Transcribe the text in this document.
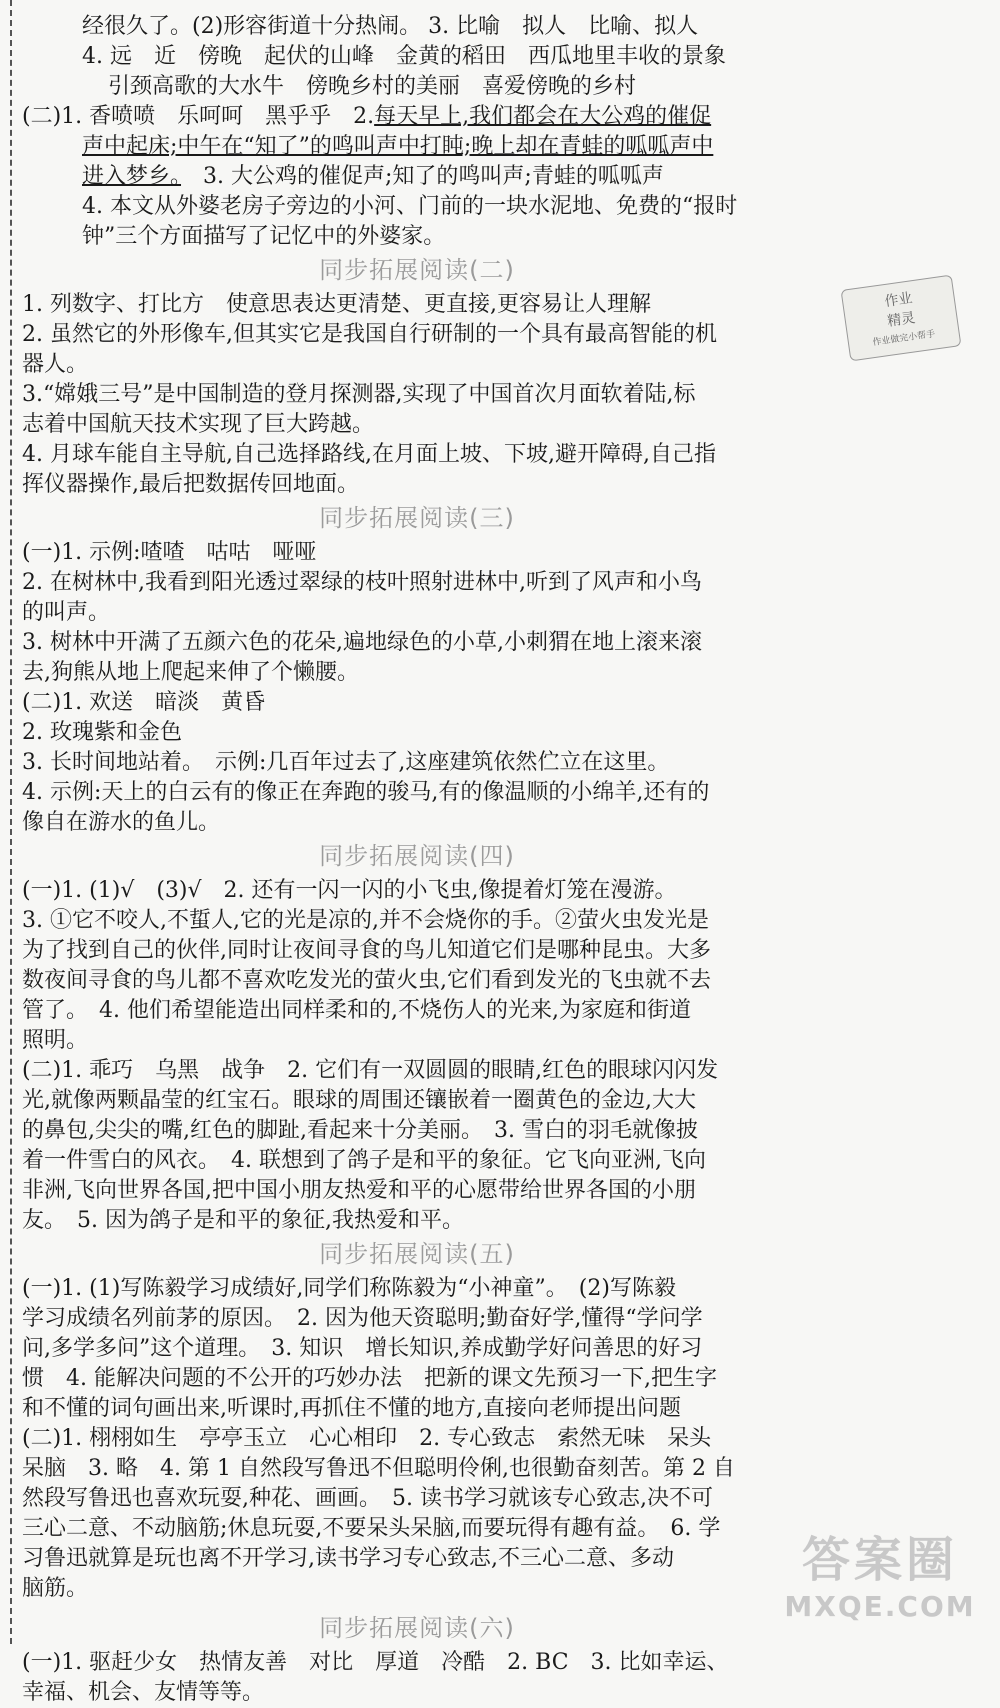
经很久了。(2)形容街道十分热闹。 3. 比喻　拟人　比喻、拟人
4. 远　近　傍晚　起伏的山峰　金黄的稻田　西瓜地里丰收的景象
引颈高歌的大水牛　傍晚乡村的美丽　喜爱傍晚的乡村
(二)1. 香喷喷　乐呵呵　黑乎乎　2.每天早上,我们都会在大公鸡的催促
声中起床;中午在“知了”的鸣叫声中打盹;晚上却在青蛙的呱呱声中
进入梦乡。　3. 大公鸡的催促声;知了的鸣叫声;青蛙的呱呱声
4. 本文从外婆老房子旁边的小河、门前的一块水泥地、免费的“报时
钟”三个方面描写了记忆中的外婆家。
同步拓展阅读(二)
1. 列数字、打比方　使意思表达更清楚、更直接,更容易让人理解
2. 虽然它的外形像车,但其实它是我国自行研制的一个具有最高智能的机
器人。
3.“嫦娥三号”是中国制造的登月探测器,实现了中国首次月面软着陆,标
志着中国航天技术实现了巨大跨越。
4. 月球车能自主导航,自己选择路线,在月面上坡、下坡,避开障碍,自己指
挥仪器操作,最后把数据传回地面。
同步拓展阅读(三)
(一)1. 示例:喳喳　咕咕　哑哑
2. 在树林中,我看到阳光透过翠绿的枝叶照射进林中,听到了风声和小鸟
的叫声。
3. 树林中开满了五颜六色的花朵,遍地绿色的小草,小刺猬在地上滚来滚
去,狗熊从地上爬起来伸了个懒腰。
(二)1. 欢送　暗淡　黄昏
2. 玫瑰紫和金色
3. 长时间地站着。　示例:几百年过去了,这座建筑依然伫立在这里。
4. 示例:天上的白云有的像正在奔跑的骏马,有的像温顺的小绵羊,还有的
像自在游水的鱼儿。
同步拓展阅读(四)
(一)1. (1)√　(3)√　2. 还有一闪一闪的小飞虫,像提着灯笼在漫游。
3. ①它不咬人,不蜇人,它的光是凉的,并不会烧你的手。②萤火虫发光是
为了找到自己的伙伴,同时让夜间寻食的鸟儿知道它们是哪种昆虫。大多
数夜间寻食的鸟儿都不喜欢吃发光的萤火虫,它们看到发光的飞虫就不去
管了。　4. 他们希望能造出同样柔和的,不烧伤人的光来,为家庭和街道
照明。
(二)1. 乖巧　乌黑　战争　2. 它们有一双圆圆的眼睛,红色的眼球闪闪发
光,就像两颗晶莹的红宝石。眼球的周围还镶嵌着一圈黄色的金边,大大
的鼻包,尖尖的嘴,红色的脚趾,看起来十分美丽。　3. 雪白的羽毛就像披
着一件雪白的风衣。　4. 联想到了鸽子是和平的象征。它飞向亚洲,飞向
非洲,飞向世界各国,把中国小朋友热爱和平的心愿带给世界各国的小朋
友。　5. 因为鸽子是和平的象征,我热爱和平。
同步拓展阅读(五)
(一)1. (1)写陈毅学习成绩好,同学们称陈毅为“小神童”。　(2)写陈毅
学习成绩名列前茅的原因。　2. 因为他天资聪明;勤奋好学,懂得“学问学
问,多学多问”这个道理。　3. 知识　增长知识,养成勤学好问善思的好习
惯　4. 能解决问题的不公开的巧妙办法　把新的课文先预习一下,把生字
和不懂的词句画出来,听课时,再抓住不懂的地方,直接向老师提出问题
(二)1. 栩栩如生　亭亭玉立　心心相印　2. 专心致志　索然无味　呆头
呆脑　3. 略　4. 第 1 自然段写鲁迅不但聪明伶俐,也很勤奋刻苦。第 2 自
然段写鲁迅也喜欢玩耍,种花、画画。　5. 读书学习就该专心致志,决不可
三心二意、不动脑筋;休息玩耍,不要呆头呆脑,而要玩得有趣有益。　6. 学
习鲁迅就算是玩也离不开学习,读书学习专心致志,不三心二意、多动
脑筋。
同步拓展阅读(六)
(一)1. 驱赶少女　热情友善　对比　厚道　冷酷　2. BC　3. 比如幸运、
幸福、机会、友情等等。
作业
精灵
作业做完小帮手
答案圈
MXQE.COM
